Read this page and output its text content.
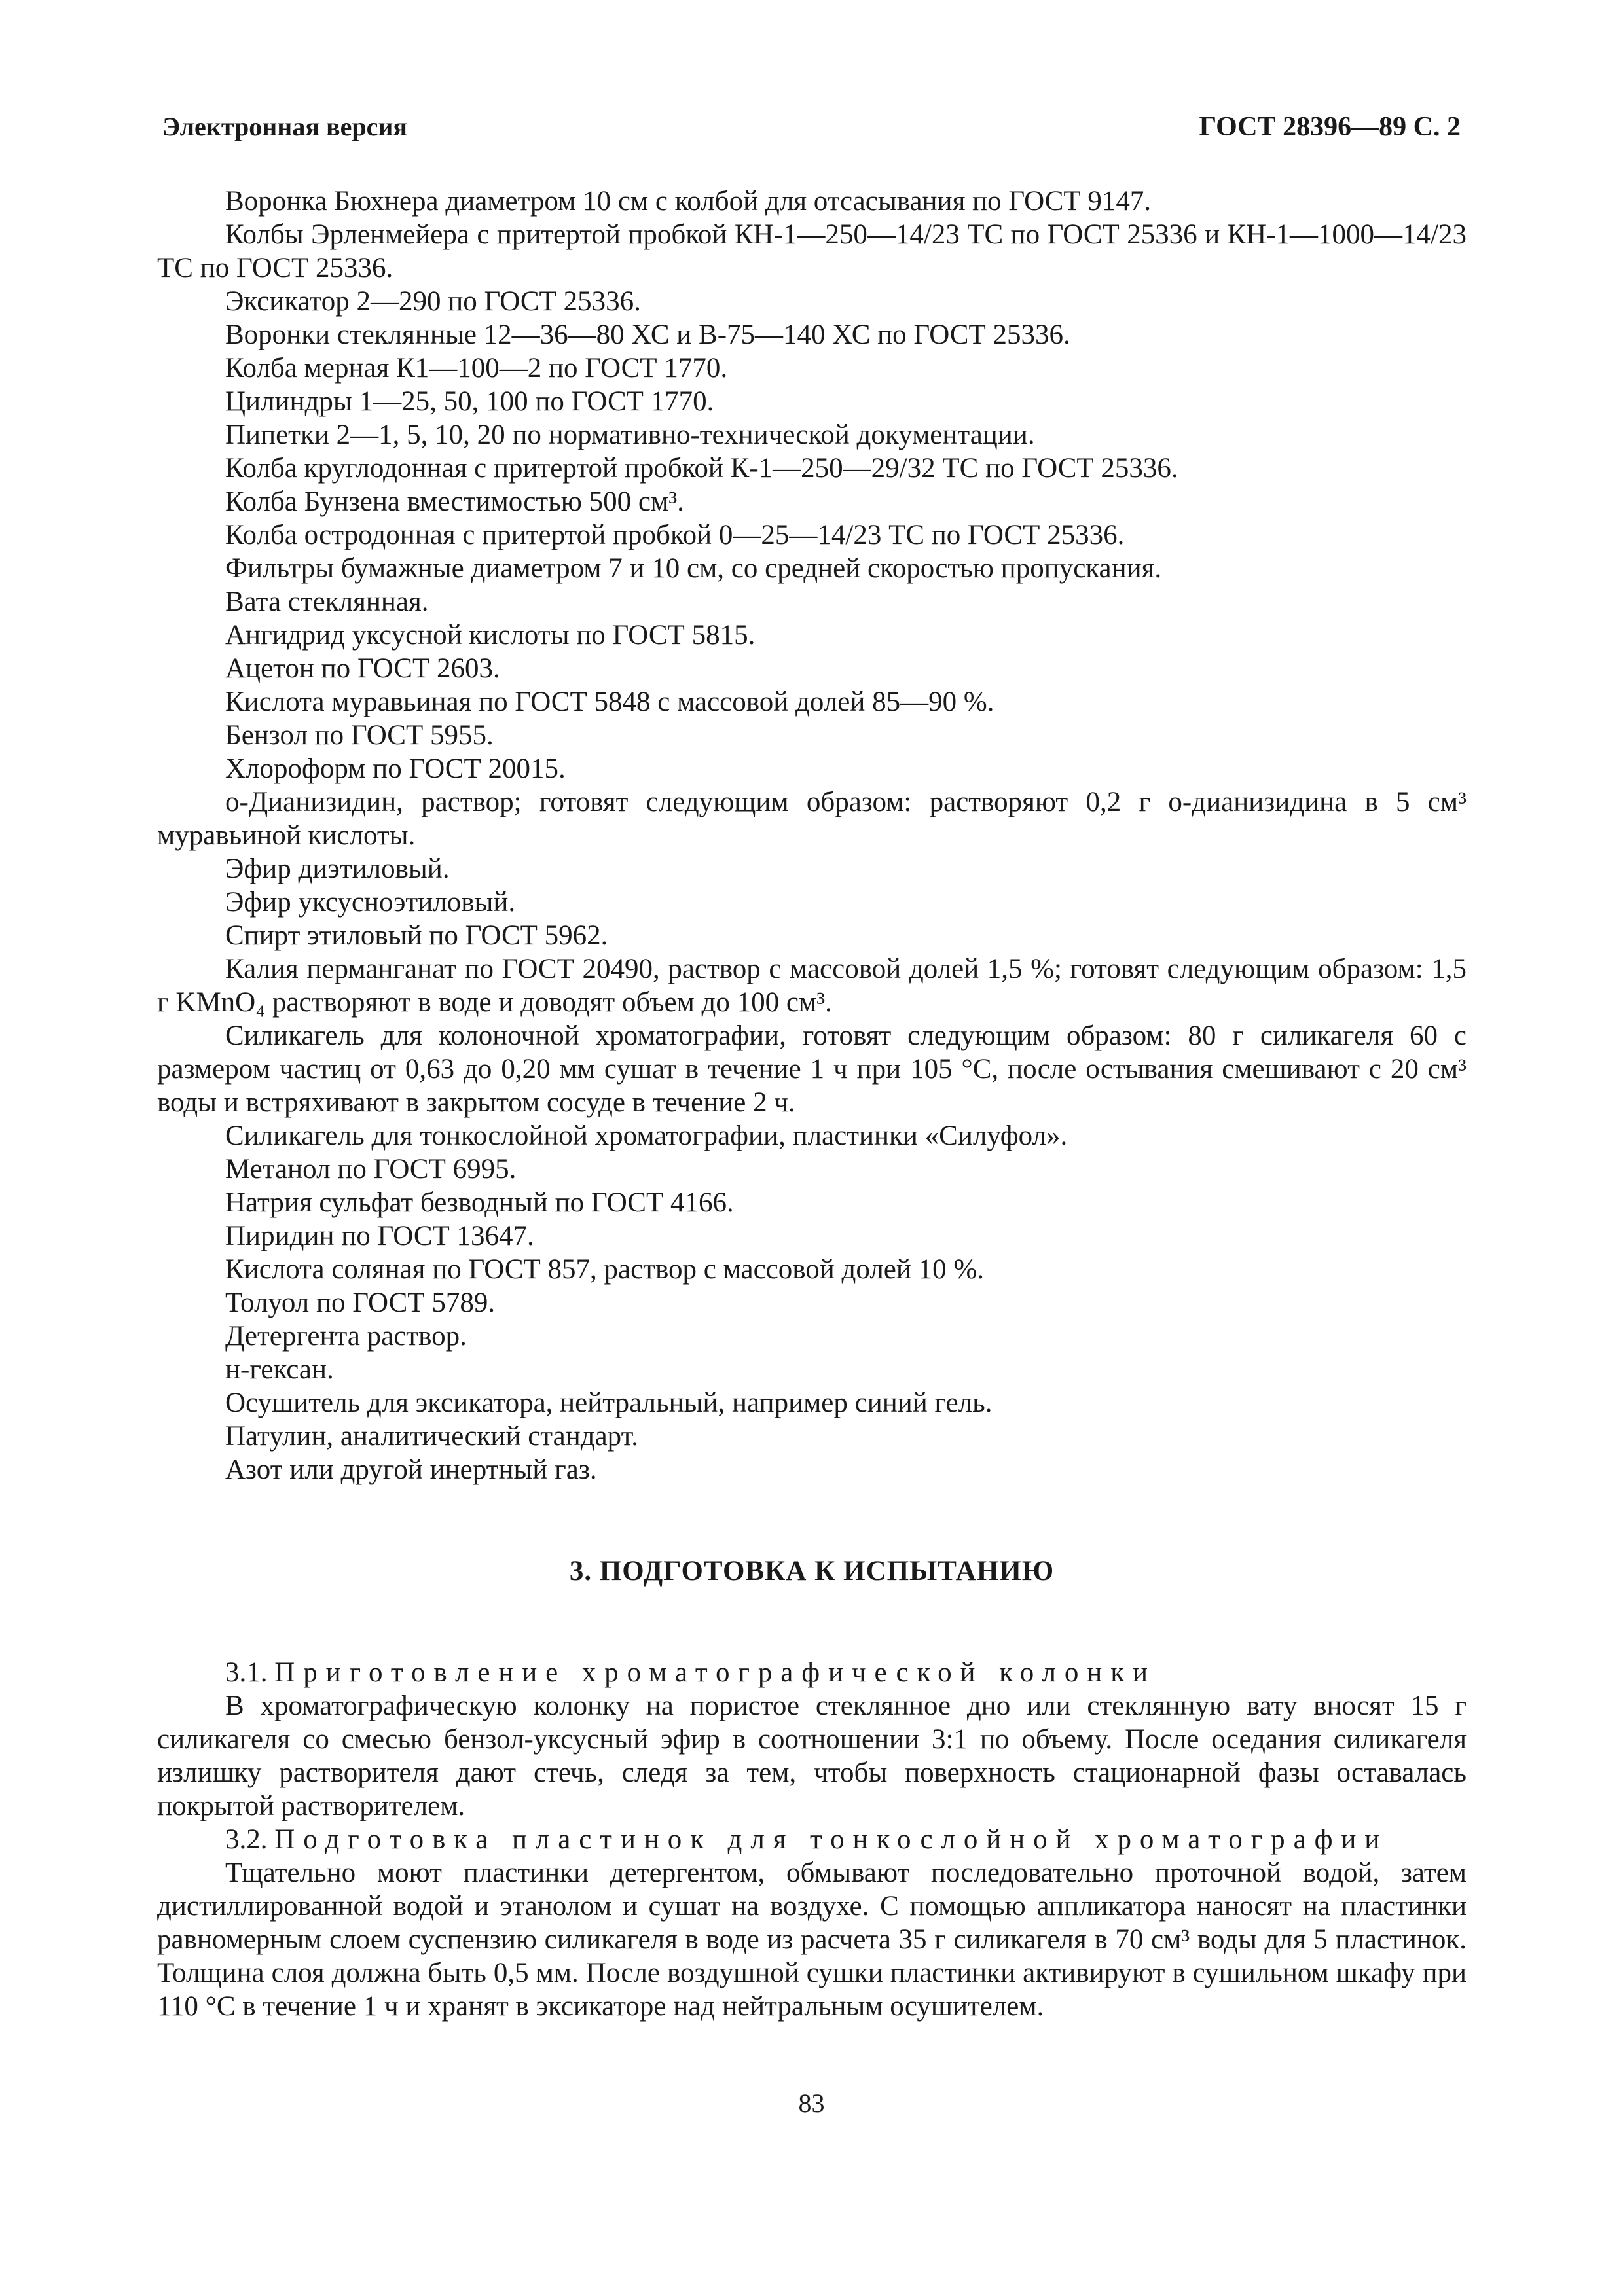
Электронная версия	ГОСТ 28396—89 С. 2

Воронка Бюхнера диаметром 10 см с колбой для отсасывания по ГОСТ 9147.

Колбы Эрленмейера с притертой пробкой КН-1—250—14/23 ТС по ГОСТ 25336 и КН-1—1000—14/23 ТС по ГОСТ 25336.

Эксикатор 2—290 по ГОСТ 25336.

Воронки стеклянные 12—36—80 ХС и В-75—140 ХС по ГОСТ 25336.

Колба мерная К1—100—2 по ГОСТ 1770.

Цилиндры 1—25, 50, 100 по ГОСТ 1770.

Пипетки 2—1, 5, 10, 20 по нормативно-технической документации.

Колба круглодонная с притертой пробкой К-1—250—29/32 ТС по ГОСТ 25336.

Колба Бунзена вместимостью 500 см³.

Колба остродонная с притертой пробкой 0—25—14/23 ТС по ГОСТ 25336.

Фильтры бумажные диаметром 7 и 10 см, со средней скоростью пропускания.

Вата стеклянная.

Ангидрид уксусной кислоты по ГОСТ 5815.

Ацетон по ГОСТ 2603.

Кислота муравьиная по ГОСТ 5848 с массовой долей 85—90 %.

Бензол по ГОСТ 5955.

Хлороформ по ГОСТ 20015.

о-Дианизидин, раствор; готовят следующим образом: растворяют 0,2 г о-дианизидина в 5 см³ муравьиной кислоты.

Эфир диэтиловый.

Эфир уксусноэтиловый.

Спирт этиловый по ГОСТ 5962.

Калия перманганат по ГОСТ 20490, раствор с массовой долей 1,5 %; готовят следующим образом: 1,5 г KMnO₄ растворяют в воде и доводят объем до 100 см³.

Силикагель для колоночной хроматографии, готовят следующим образом: 80 г силикагеля 60 с размером частиц от 0,63 до 0,20 мм сушат в течение 1 ч при 105 °С, после остывания смешивают с 20 см³ воды и встряхивают в закрытом сосуде в течение 2 ч.

Силикагель для тонкослойной хроматографии, пластинки «Силуфол».

Метанол по ГОСТ 6995.

Натрия сульфат безводный по ГОСТ 4166.

Пиридин по ГОСТ 13647.

Кислота соляная по ГОСТ 857, раствор с массовой долей 10 %.

Толуол по ГОСТ 5789.

Детергента раствор.

н-гексан.

Осушитель для эксикатора, нейтральный, например синий гель.

Патулин, аналитический стандарт.

Азот или другой инертный газ.

3. ПОДГОТОВКА К ИСПЫТАНИЮ

3.1. Приготовление хроматографической колонки

В хроматографическую колонку на пористое стеклянное дно или стеклянную вату вносят 15 г силикагеля со смесью бензол-уксусный эфир в соотношении 3:1 по объему. После оседания силикагеля излишку растворителя дают стечь, следя за тем, чтобы поверхность стационарной фазы оставалась покрытой растворителем.

3.2. Подготовка пластинок для тонкослойной хроматографии

Тщательно моют пластинки детергентом, обмывают последовательно проточной водой, затем дистиллированной водой и этанолом и сушат на воздухе. С помощью аппликатора наносят на пластинки равномерным слоем суспензию силикагеля в воде из расчета 35 г силикагеля в 70 см³ воды для 5 пластинок. Толщина слоя должна быть 0,5 мм. После воздушной сушки пластинки активируют в сушильном шкафу при 110 °С в течение 1 ч и хранят в эксикаторе над нейтральным осушителем.

83
